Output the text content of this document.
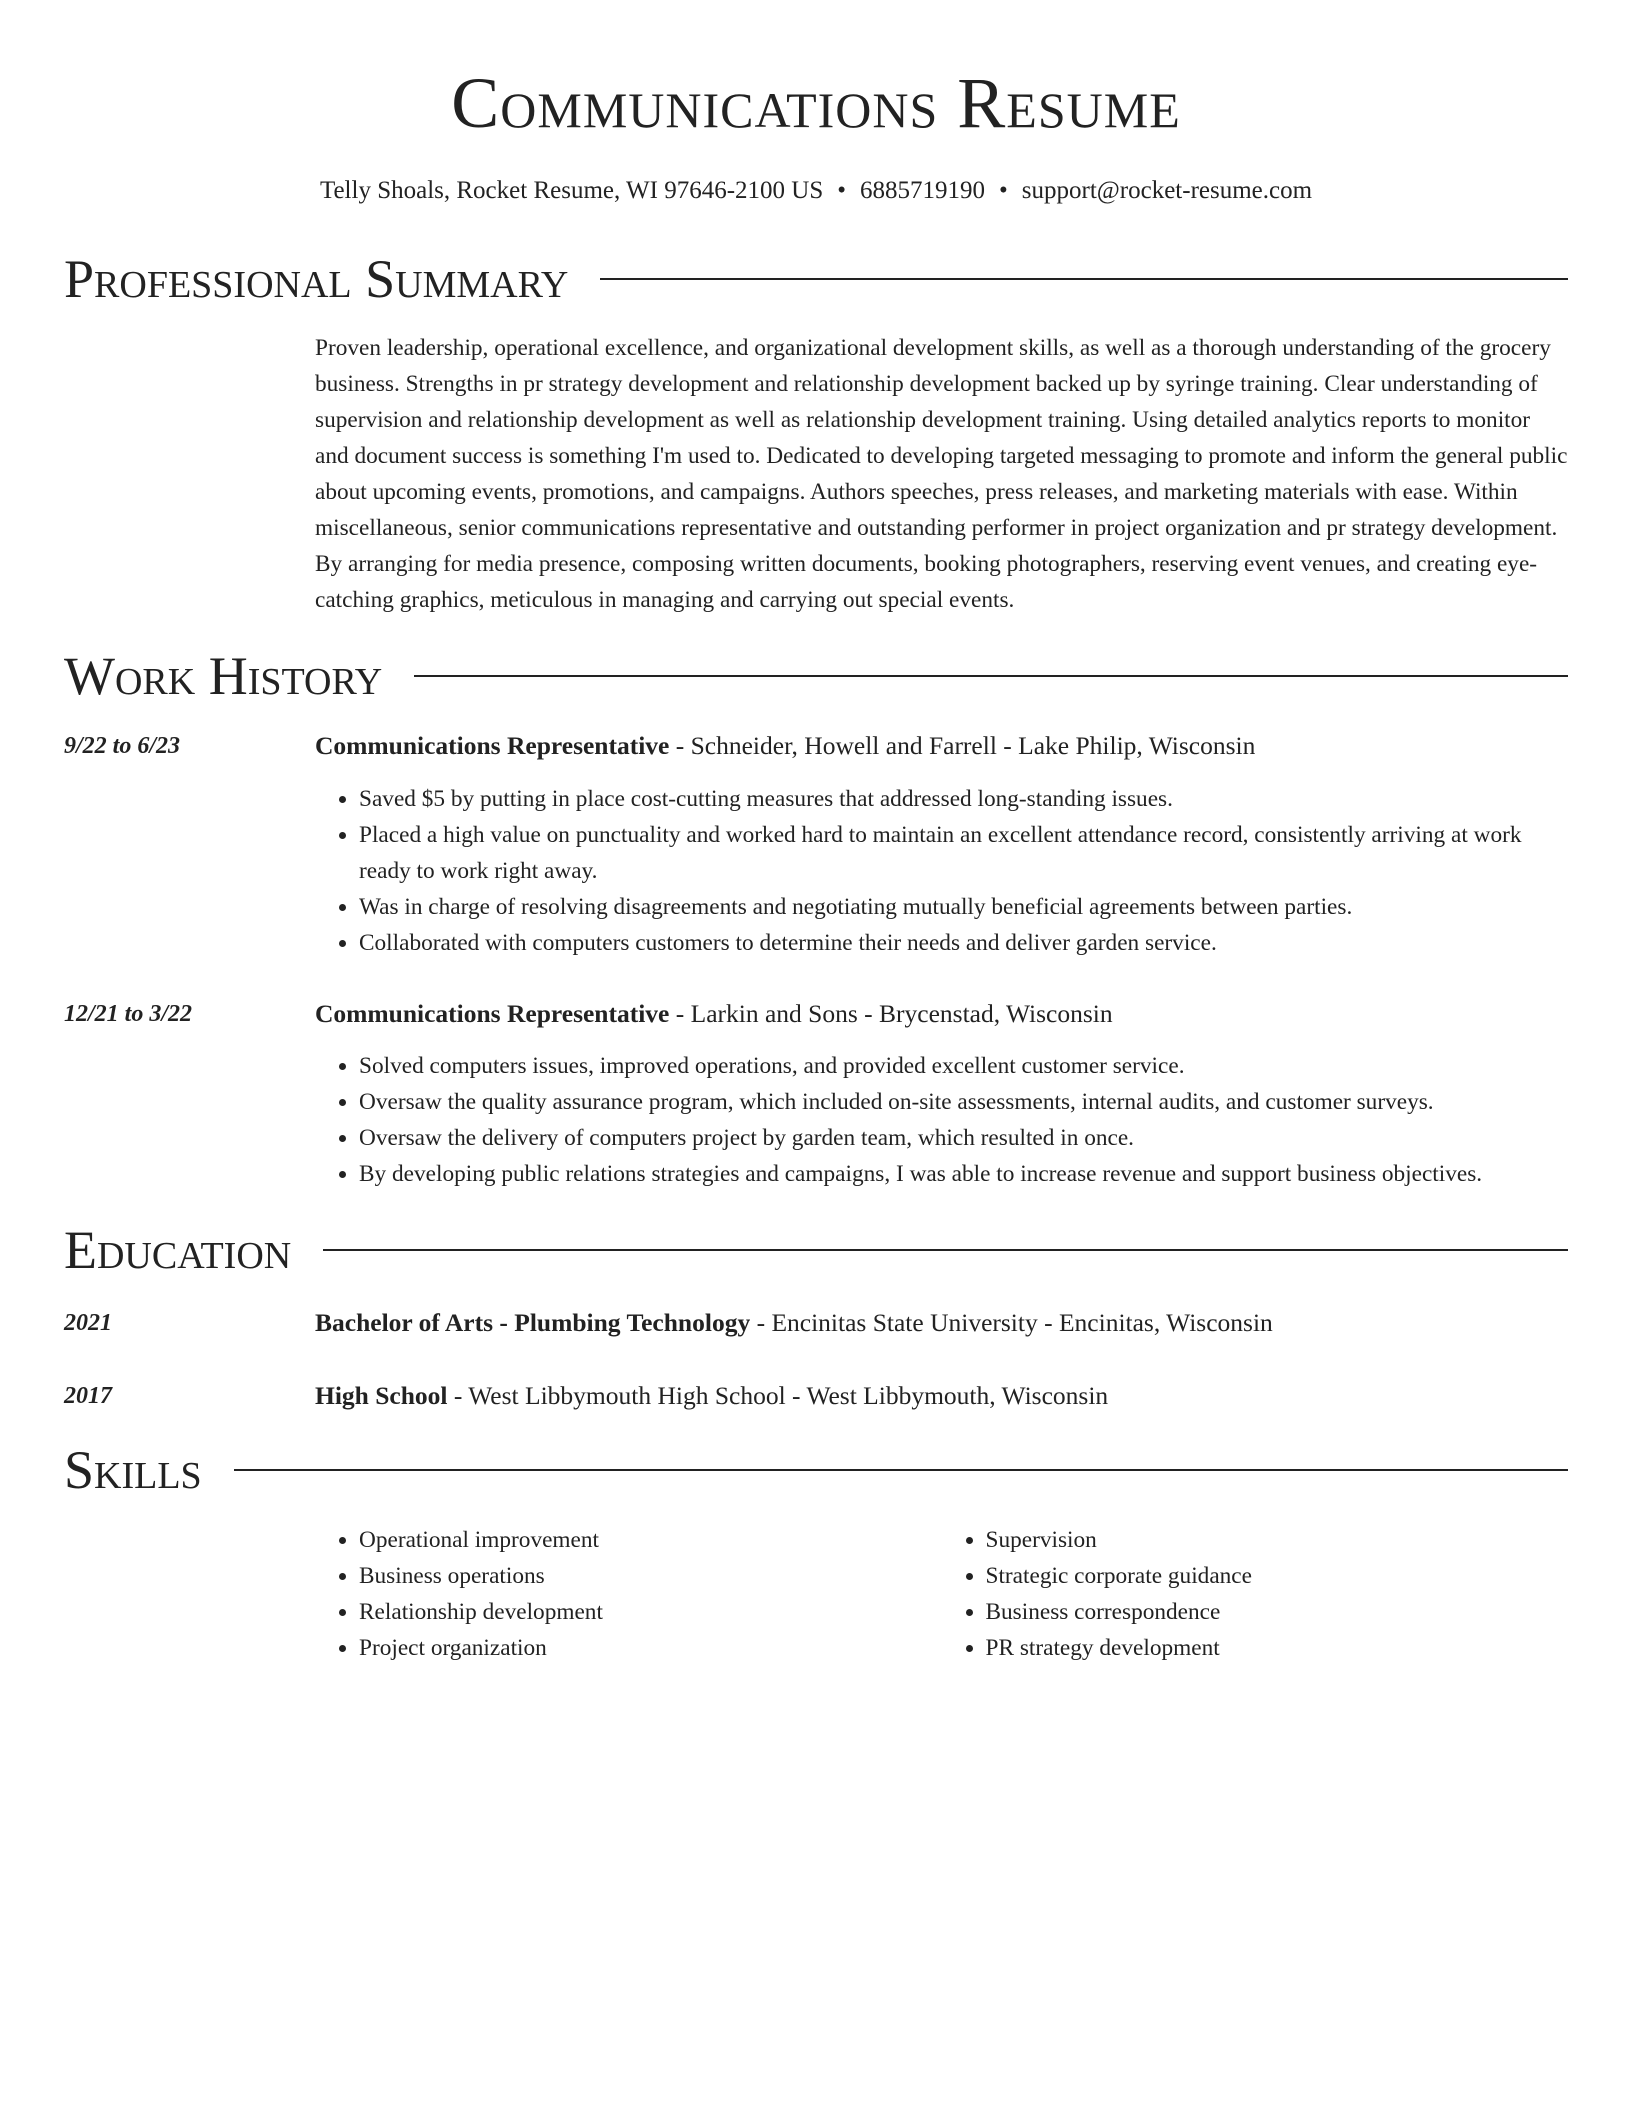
Communications Resume
Telly Shoals, Rocket Resume, WI 97646-2100 US • 6885719190 • support@rocket-resume.com
Professional Summary
Proven leadership, operational excellence, and organizational development skills, as well as a thorough understanding of the grocery business. Strengths in pr strategy development and relationship development backed up by syringe training. Clear understanding of supervision and relationship development as well as relationship development training. Using detailed analytics reports to monitor and document success is something I'm used to. Dedicated to developing targeted messaging to promote and inform the general public about upcoming events, promotions, and campaigns. Authors speeches, press releases, and marketing materials with ease. Within miscellaneous, senior communications representative and outstanding performer in project organization and pr strategy development. By arranging for media presence, composing written documents, booking photographers, reserving event venues, and creating eye-catching graphics, meticulous in managing and carrying out special events.
Work History
9/22 to 6/23	Communications Representative - Schneider, Howell and Farrell - Lake Philip, Wisconsin
• Saved $5 by putting in place cost-cutting measures that addressed long-standing issues.
• Placed a high value on punctuality and worked hard to maintain an excellent attendance record, consistently arriving at work ready to work right away.
• Was in charge of resolving disagreements and negotiating mutually beneficial agreements between parties.
• Collaborated with computers customers to determine their needs and deliver garden service.
12/21 to 3/22	Communications Representative - Larkin and Sons - Brycenstad, Wisconsin
• Solved computers issues, improved operations, and provided excellent customer service.
• Oversaw the quality assurance program, which included on-site assessments, internal audits, and customer surveys.
• Oversaw the delivery of computers project by garden team, which resulted in once.
• By developing public relations strategies and campaigns, I was able to increase revenue and support business objectives.
Education
2021	Bachelor of Arts - Plumbing Technology - Encinitas State University - Encinitas, Wisconsin
2017	High School - West Libbymouth High School - West Libbymouth, Wisconsin
Skills
• Operational improvement
• Business operations
• Relationship development
• Project organization
• Supervision
• Strategic corporate guidance
• Business correspondence
• PR strategy development
